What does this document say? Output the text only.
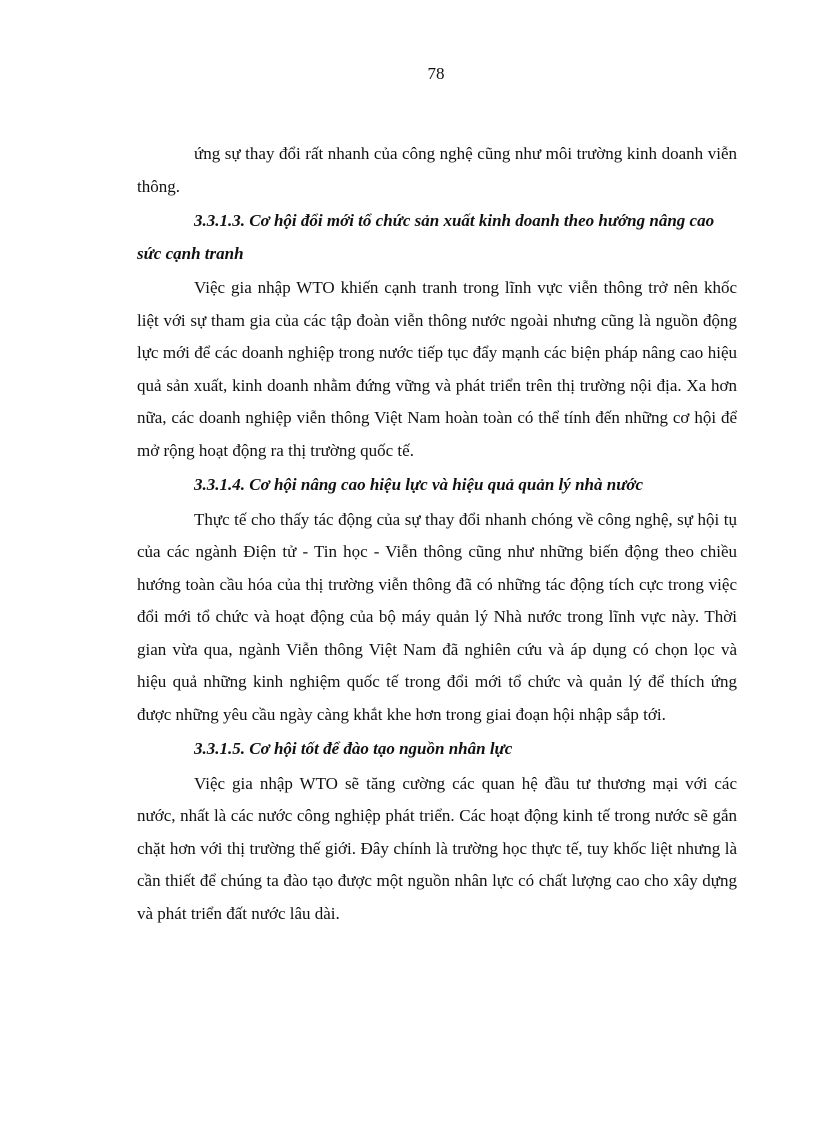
78

ứng sự thay đổi rất nhanh của công nghệ cũng như môi trường kinh doanh viễn thông.

3.3.1.3. Cơ hội đổi mới tổ chức sản xuất kinh doanh theo hướng nâng cao sức cạnh tranh

Việc gia nhập WTO khiến cạnh tranh trong lĩnh vực viễn thông trở nên khốc liệt với sự tham gia của các tập đoàn viễn thông nước ngoài nhưng cũng là nguồn động lực mới để các doanh nghiệp trong nước tiếp tục đẩy mạnh các biện pháp nâng cao hiệu quả sản xuất, kinh doanh nhằm đứng vững và phát triển trên thị trường nội địa. Xa hơn nữa, các doanh nghiệp viễn thông Việt Nam hoàn toàn có thể tính đến những cơ hội để mở rộng hoạt động ra thị trường quốc tế.

3.3.1.4. Cơ hội nâng cao hiệu lực và hiệu quả quản lý nhà nước

Thực tế cho thấy tác động của sự thay đổi nhanh chóng về công nghệ, sự hội tụ của các ngành Điện tử - Tin học - Viễn thông cũng như những biến động theo chiều hướng toàn cầu hóa của thị trường viễn thông đã có những tác động tích cực trong việc đổi mới tổ chức và hoạt động của bộ máy quản lý Nhà nước trong lĩnh vực này. Thời gian vừa qua, ngành Viễn thông Việt Nam đã nghiên cứu và áp dụng có chọn lọc và hiệu quả những kinh nghiệm quốc tế trong đổi mới tổ chức và quản lý để thích ứng được những yêu cầu ngày càng khắt khe hơn trong giai đoạn hội nhập sắp tới.

3.3.1.5. Cơ hội tốt để đào tạo nguồn nhân lực

Việc gia nhập WTO sẽ tăng cường các quan hệ đầu tư thương mại với các nước, nhất là các nước công nghiệp phát triển. Các hoạt động kinh tế trong nước sẽ gắn chặt hơn với thị trường thế giới. Đây chính là trường học thực tế, tuy khốc liệt nhưng là cần thiết để chúng ta đào tạo được một nguồn nhân lực có chất lượng cao cho xây dựng và phát triển đất nước lâu dài.
